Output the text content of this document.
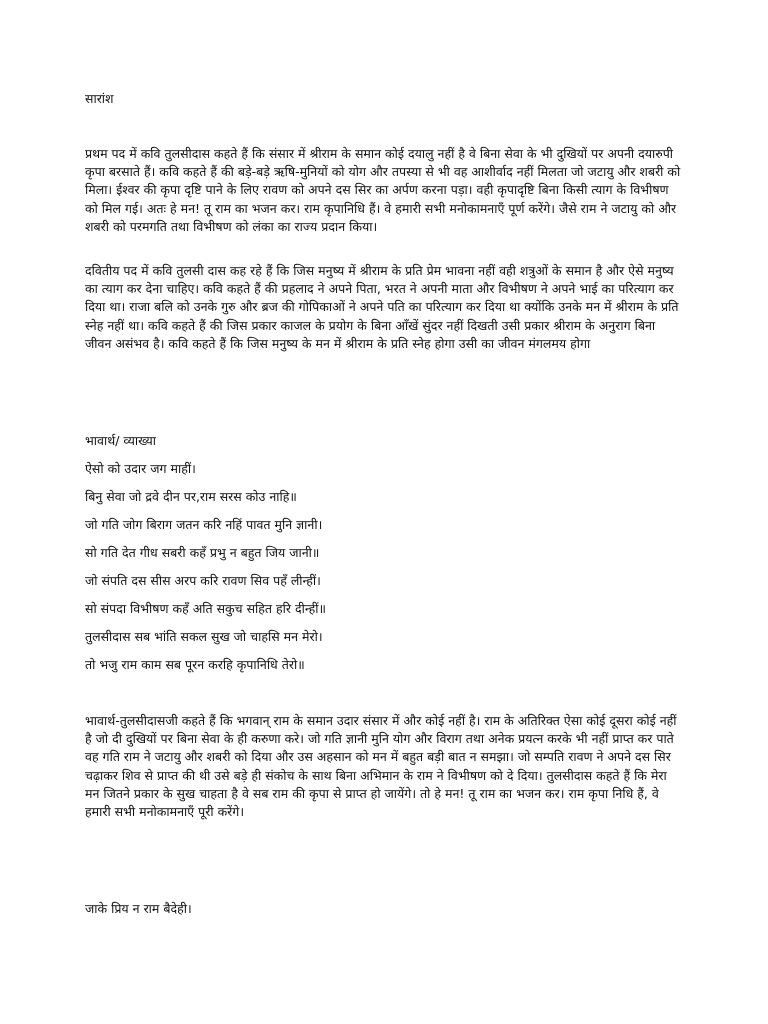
सारांश
प्रथम पद में कवि तुलसीदास कहते हैं कि संसार में श्रीराम के समान कोई दयालु नहीं है वे बिना सेवा के भी दुखियों पर अपनी दयारुपी कृपा बरसाते हैं। कवि कहते हैं की बड़े-बड़े ऋषि-मुनियों को योग और तपस्या से भी वह आशीर्वाद नहीं मिलता जो जटायु और शबरी को मिला। ईश्वर की कृपा दृष्टि पाने के लिए रावण को अपने दस सिर का अर्पण करना पड़ा। वही कृपादृष्टि बिना किसी त्याग के विभीषण को मिल गई। अतः हे मन! तू राम का भजन कर। राम कृपानिधि हैं। वे हमारी सभी मनोकामनाएँ पूर्ण करेंगे। जैसे राम ने जटायु को और शबरी को परमगति तथा विभीषण को लंका का राज्य प्रदान किया।
दवितीय पद में कवि तुलसी दास कह रहे हैं कि जिस मनुष्य में श्रीराम के प्रति प्रेम भावना नहीं वही शत्रुओं के समान है और ऐसे मनुष्य का त्याग कर देना चाहिए। कवि कहते हैं की प्रहलाद ने अपने पिता, भरत ने अपनी माता और विभीषण ने अपने भाई का परित्याग कर दिया था। राजा बलि को उनके गुरु और ब्रज की गोपिकाओं ने अपने पति का परित्याग कर दिया था क्योंकि उनके मन में श्रीराम के प्रति स्नेह नहीं था। कवि कहते हैं की जिस प्रकार काजल के प्रयोग के बिना आँखें सुंदर नहीं दिखती उसी प्रकार श्रीराम के अनुराग बिना जीवन असंभव है। कवि कहते हैं कि जिस मनुष्य के मन में श्रीराम के प्रति स्नेह होगा उसी का जीवन मंगलमय होगा
भावार्थ/ व्याख्या
ऐसो को उदार जग माहीं।
बिनु सेवा जो द्रवे दीन पर,राम सरस कोउ नाहि॥
जो गति जोग बिराग जतन करि नहिं पावत मुनि ज्ञानी।
सो गति देत गीध सबरी कहँ प्रभु न बहुत जिय जानी॥
जो संपति दस सीस अरप करि रावण सिव पहँ लीन्हीं।
सो संपदा विभीषण कहँ अति सकुच सहित हरि दीन्हीं॥
तुलसीदास सब भांति सकल सुख जो चाहसि मन मेरो।
तो भजु राम काम सब पूरन करहि कृपानिधि तेरो॥
भावार्थ-तुलसीदासजी कहते हैं कि भगवान् राम के समान उदार संसार में और कोई नहीं है। राम के अतिरिक्त ऐसा कोई दूसरा कोई नहीं है जो दी दुखियों पर बिना सेवा के ही करुणा करे। जो गति ज्ञानी मुनि योग और विराग तथा अनेक प्रयत्न करके भी नहीं प्राप्त कर पाते वह गति राम ने जटायु और शबरी को दिया और उस अहसान को मन में बहुत बड़ी बात न समझा। जो सम्पति रावण ने अपने दस सिर चढ़ाकर शिव से प्राप्त की थी उसे बड़े ही संकोच के साथ बिना अभिमान के राम ने विभीषण को दे दिया। तुलसीदास कहते हैं कि मेरा मन जितने प्रकार के सुख चाहता है वे सब राम की कृपा से प्राप्त हो जायेंगे। तो हे मन! तू राम का भजन कर। राम कृपा निधि हैं, वे हमारी सभी मनोकामनाएँ पूरी करेंगे।
जाके प्रिय न राम बैदेही।
